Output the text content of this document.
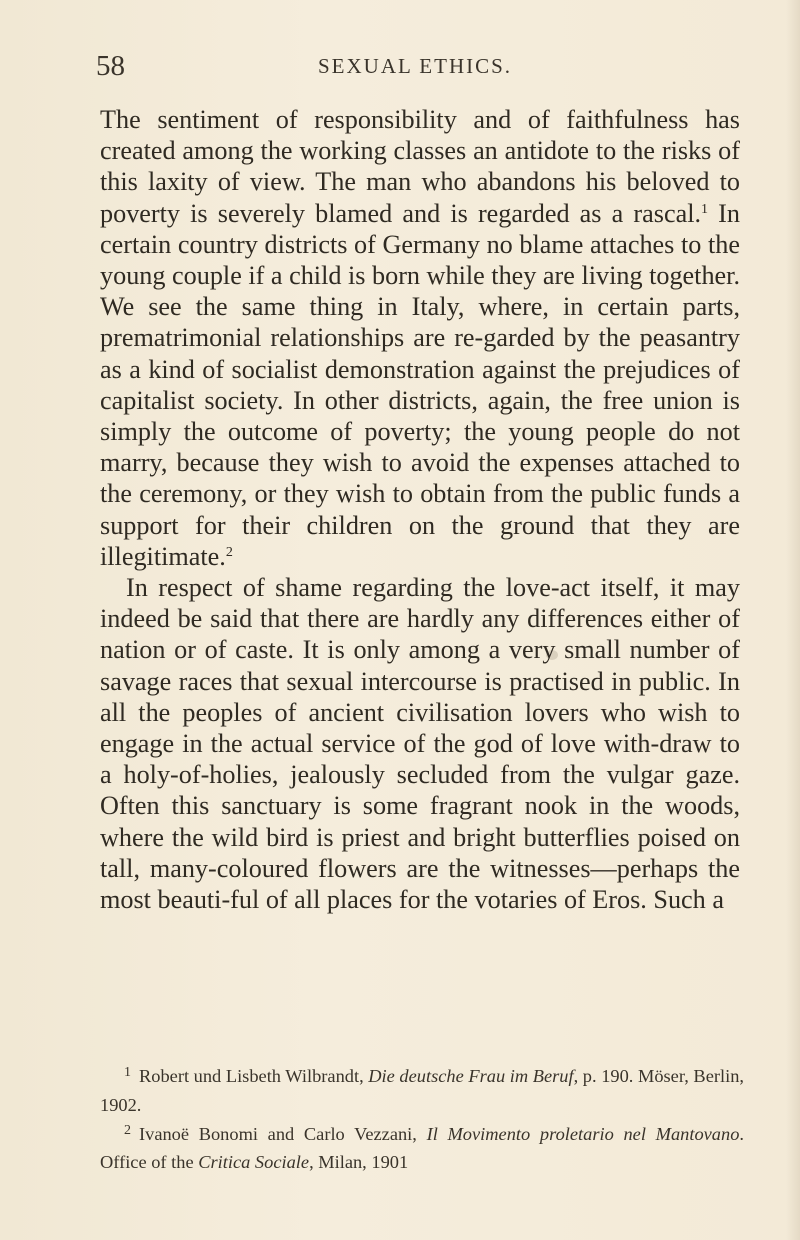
58	SEXUAL ETHICS.

The sentiment of responsibility and of faithfulness has created among the working classes an antidote to the risks of this laxity of view. The man who abandons his beloved to poverty is severely blamed and is regarded as a rascal.$^1$ In certain country districts of Germany no blame attaches to the young couple if a child is born while they are living together. We see the same thing in Italy, where, in certain parts, prematrimonial relationships are re-garded by the peasantry as a kind of socialist demonstration against the prejudices of capitalist society. In other districts, again, the free union is simply the outcome of poverty; the young people do not marry, because they wish to avoid the expenses attached to the ceremony, or they wish to obtain from the public funds a support for their children on the ground that they are illegitimate.$^2$

In respect of shame regarding the love-act itself, it may indeed be said that there are hardly any differences either of nation or of caste. It is only among a very small number of savage races that sexual intercourse is practised in public. In all the peoples of ancient civilisation lovers who wish to engage in the actual service of the god of love with-draw to a holy-of-holies, jealously secluded from the vulgar gaze. Often this sanctuary is some fragrant nook in the woods, where the wild bird is priest and bright butterflies poised on tall, many-coloured flowers are the witnesses—perhaps the most beauti-ful of all places for the votaries of Eros. Such a

$^1$ Robert und Lisbeth Wilbrandt, Die deutsche Frau im Beruf, p. 190. Möser, Berlin, 1902.

$^2$ Ivanoë Bonomi and Carlo Vezzani, Il Movimento proletario nel Mantovano. Office of the Critica Sociale, Milan, 1901
